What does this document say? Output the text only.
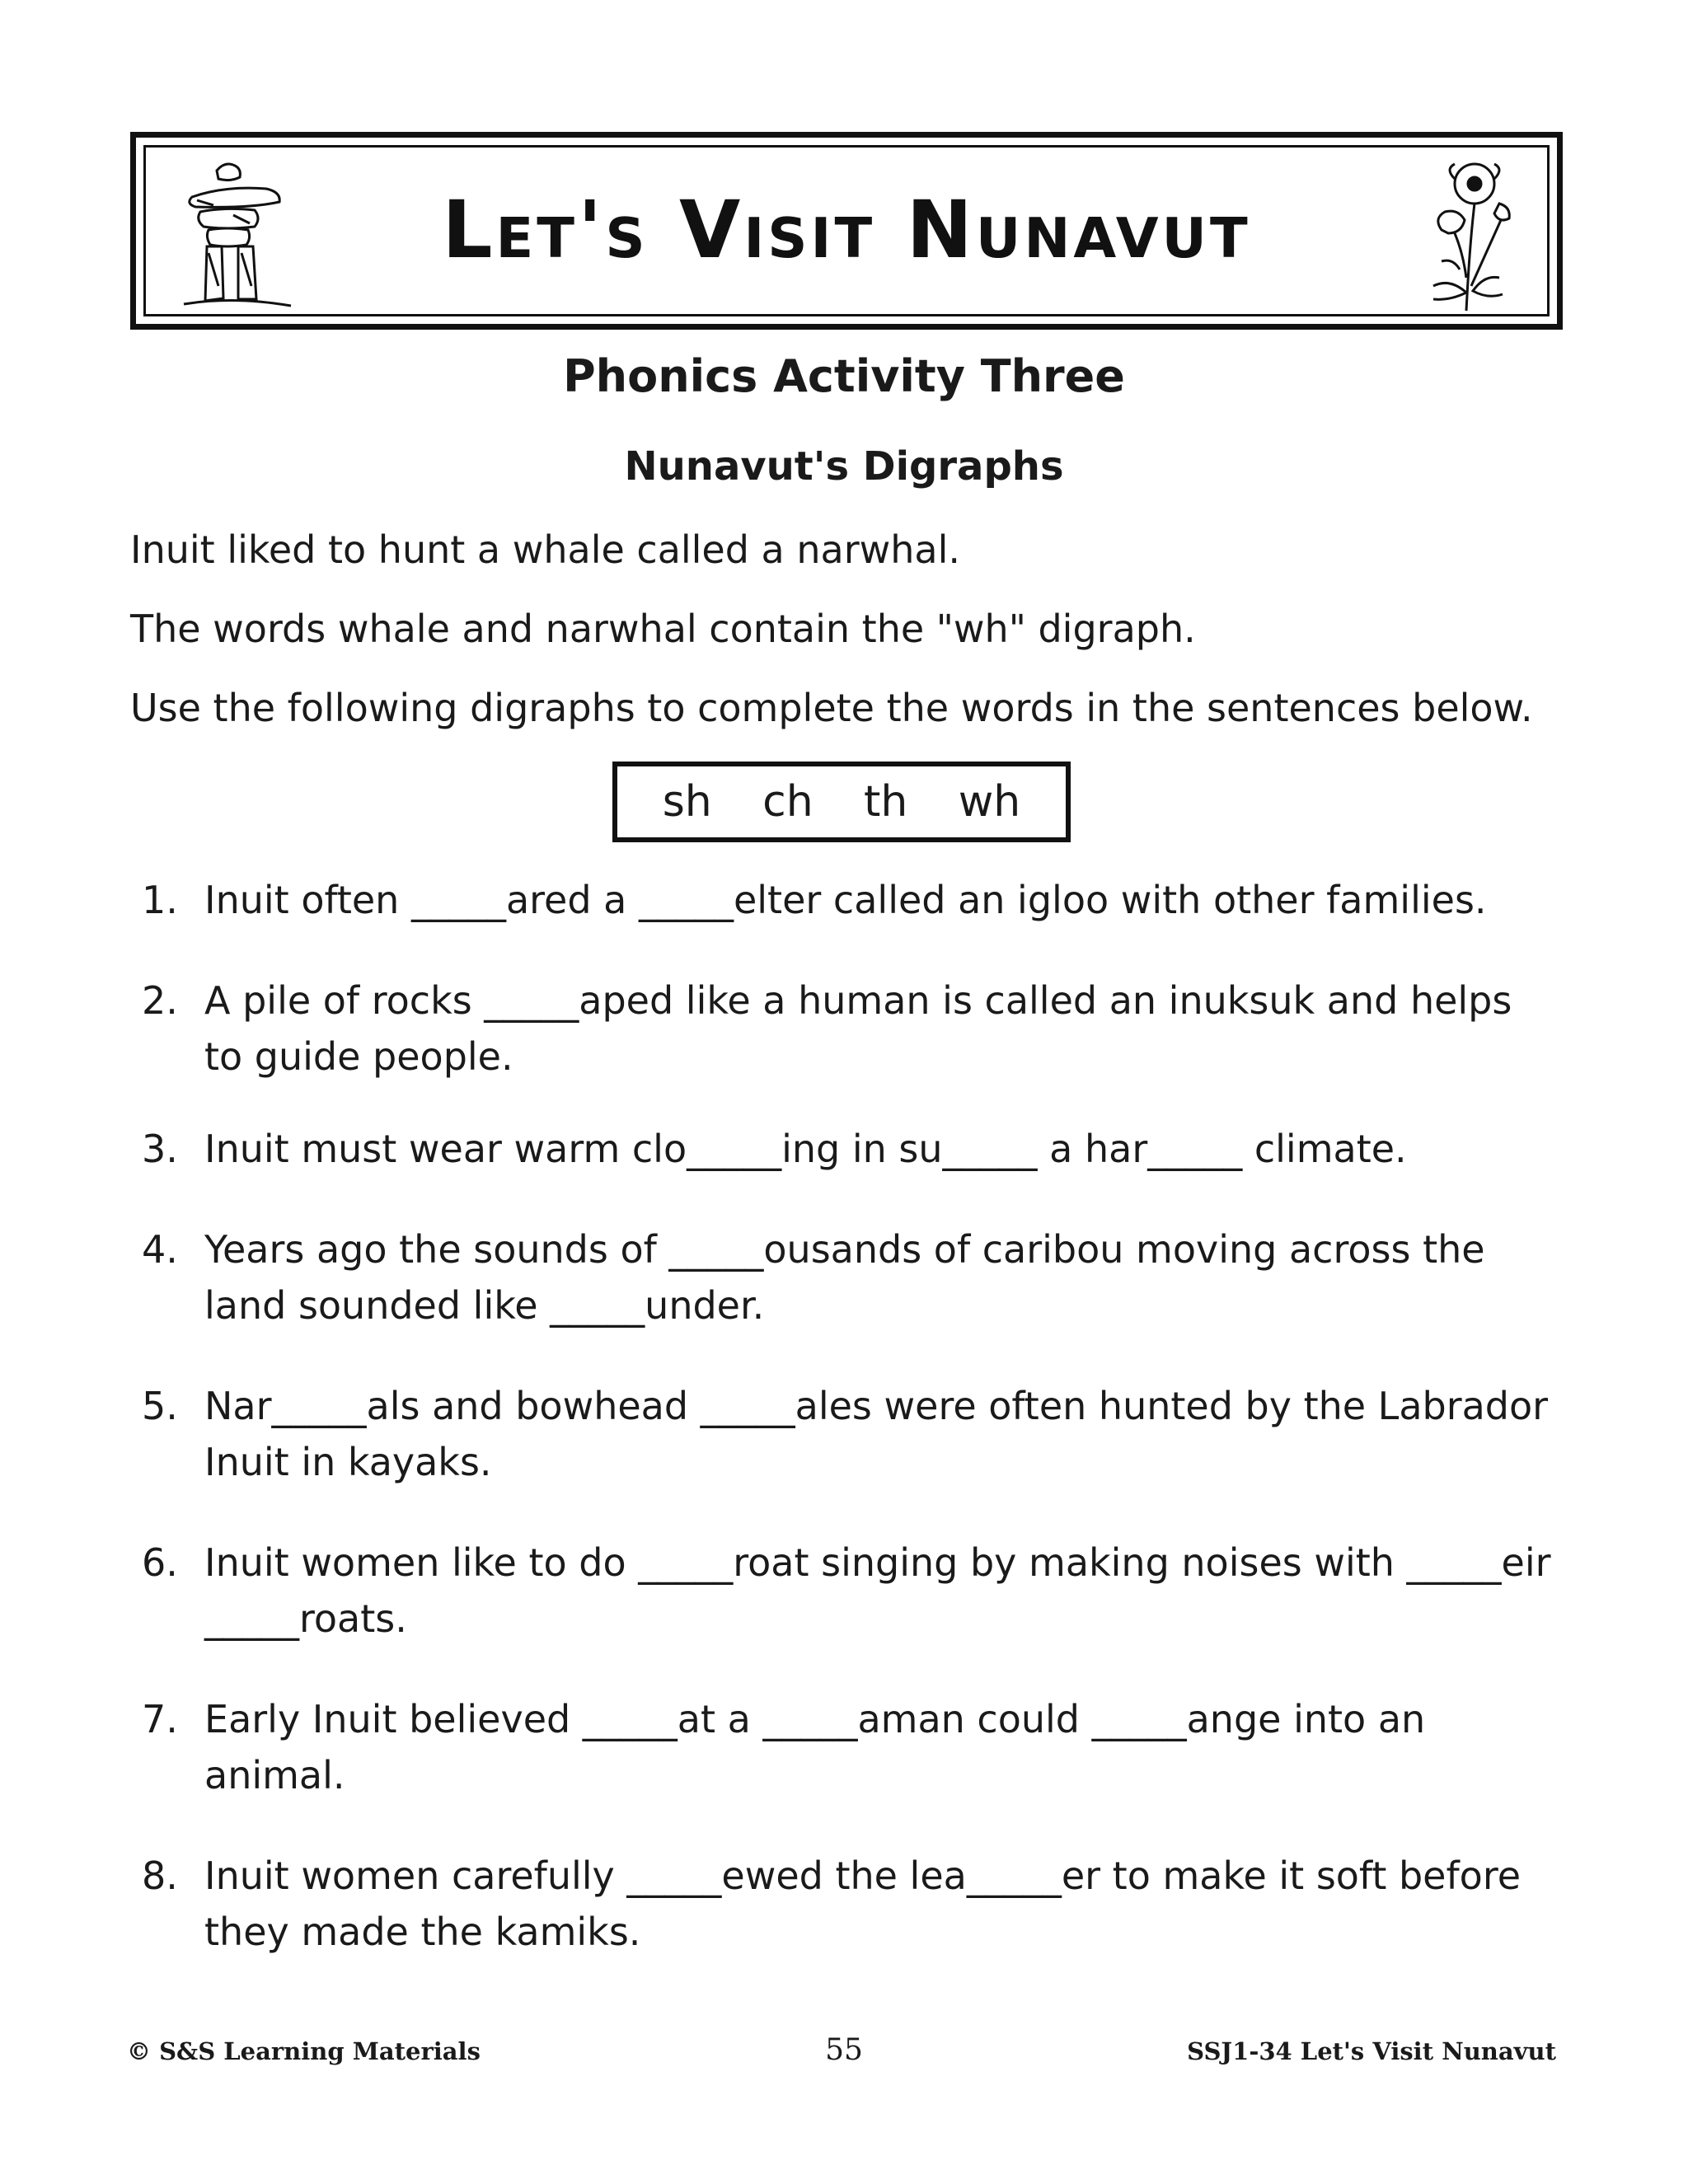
Let's Visit Nunavut
Phonics Activity Three
Nunavut's Digraphs
Inuit liked to hunt a whale called a narwhal.
The words whale and narwhal contain the "wh" digraph.
Use the following digraphs to complete the words in the sentences below.
sh ch th wh
1. Inuit often _____ared a _____elter called an igloo with other families.
2. A pile of rocks _____aped like a human is called an inuksuk and helps to guide people.
3. Inuit must wear warm clo_____ing in su_____ a har_____ climate.
4. Years ago the sounds of _____ousands of caribou moving across the land sounded like _____under.
5. Nar_____als and bowhead _____ales were often hunted by the Labrador Inuit in kayaks.
6. Inuit women like to do _____roat singing by making noises with _____eir _____roats.
7. Early Inuit believed _____at a _____aman could _____ange into an animal.
8. Inuit women carefully _____ewed the lea_____er to make it soft before they made the kamiks.
© S&S Learning Materials	55	SSJ1-34 Let's Visit Nunavut
